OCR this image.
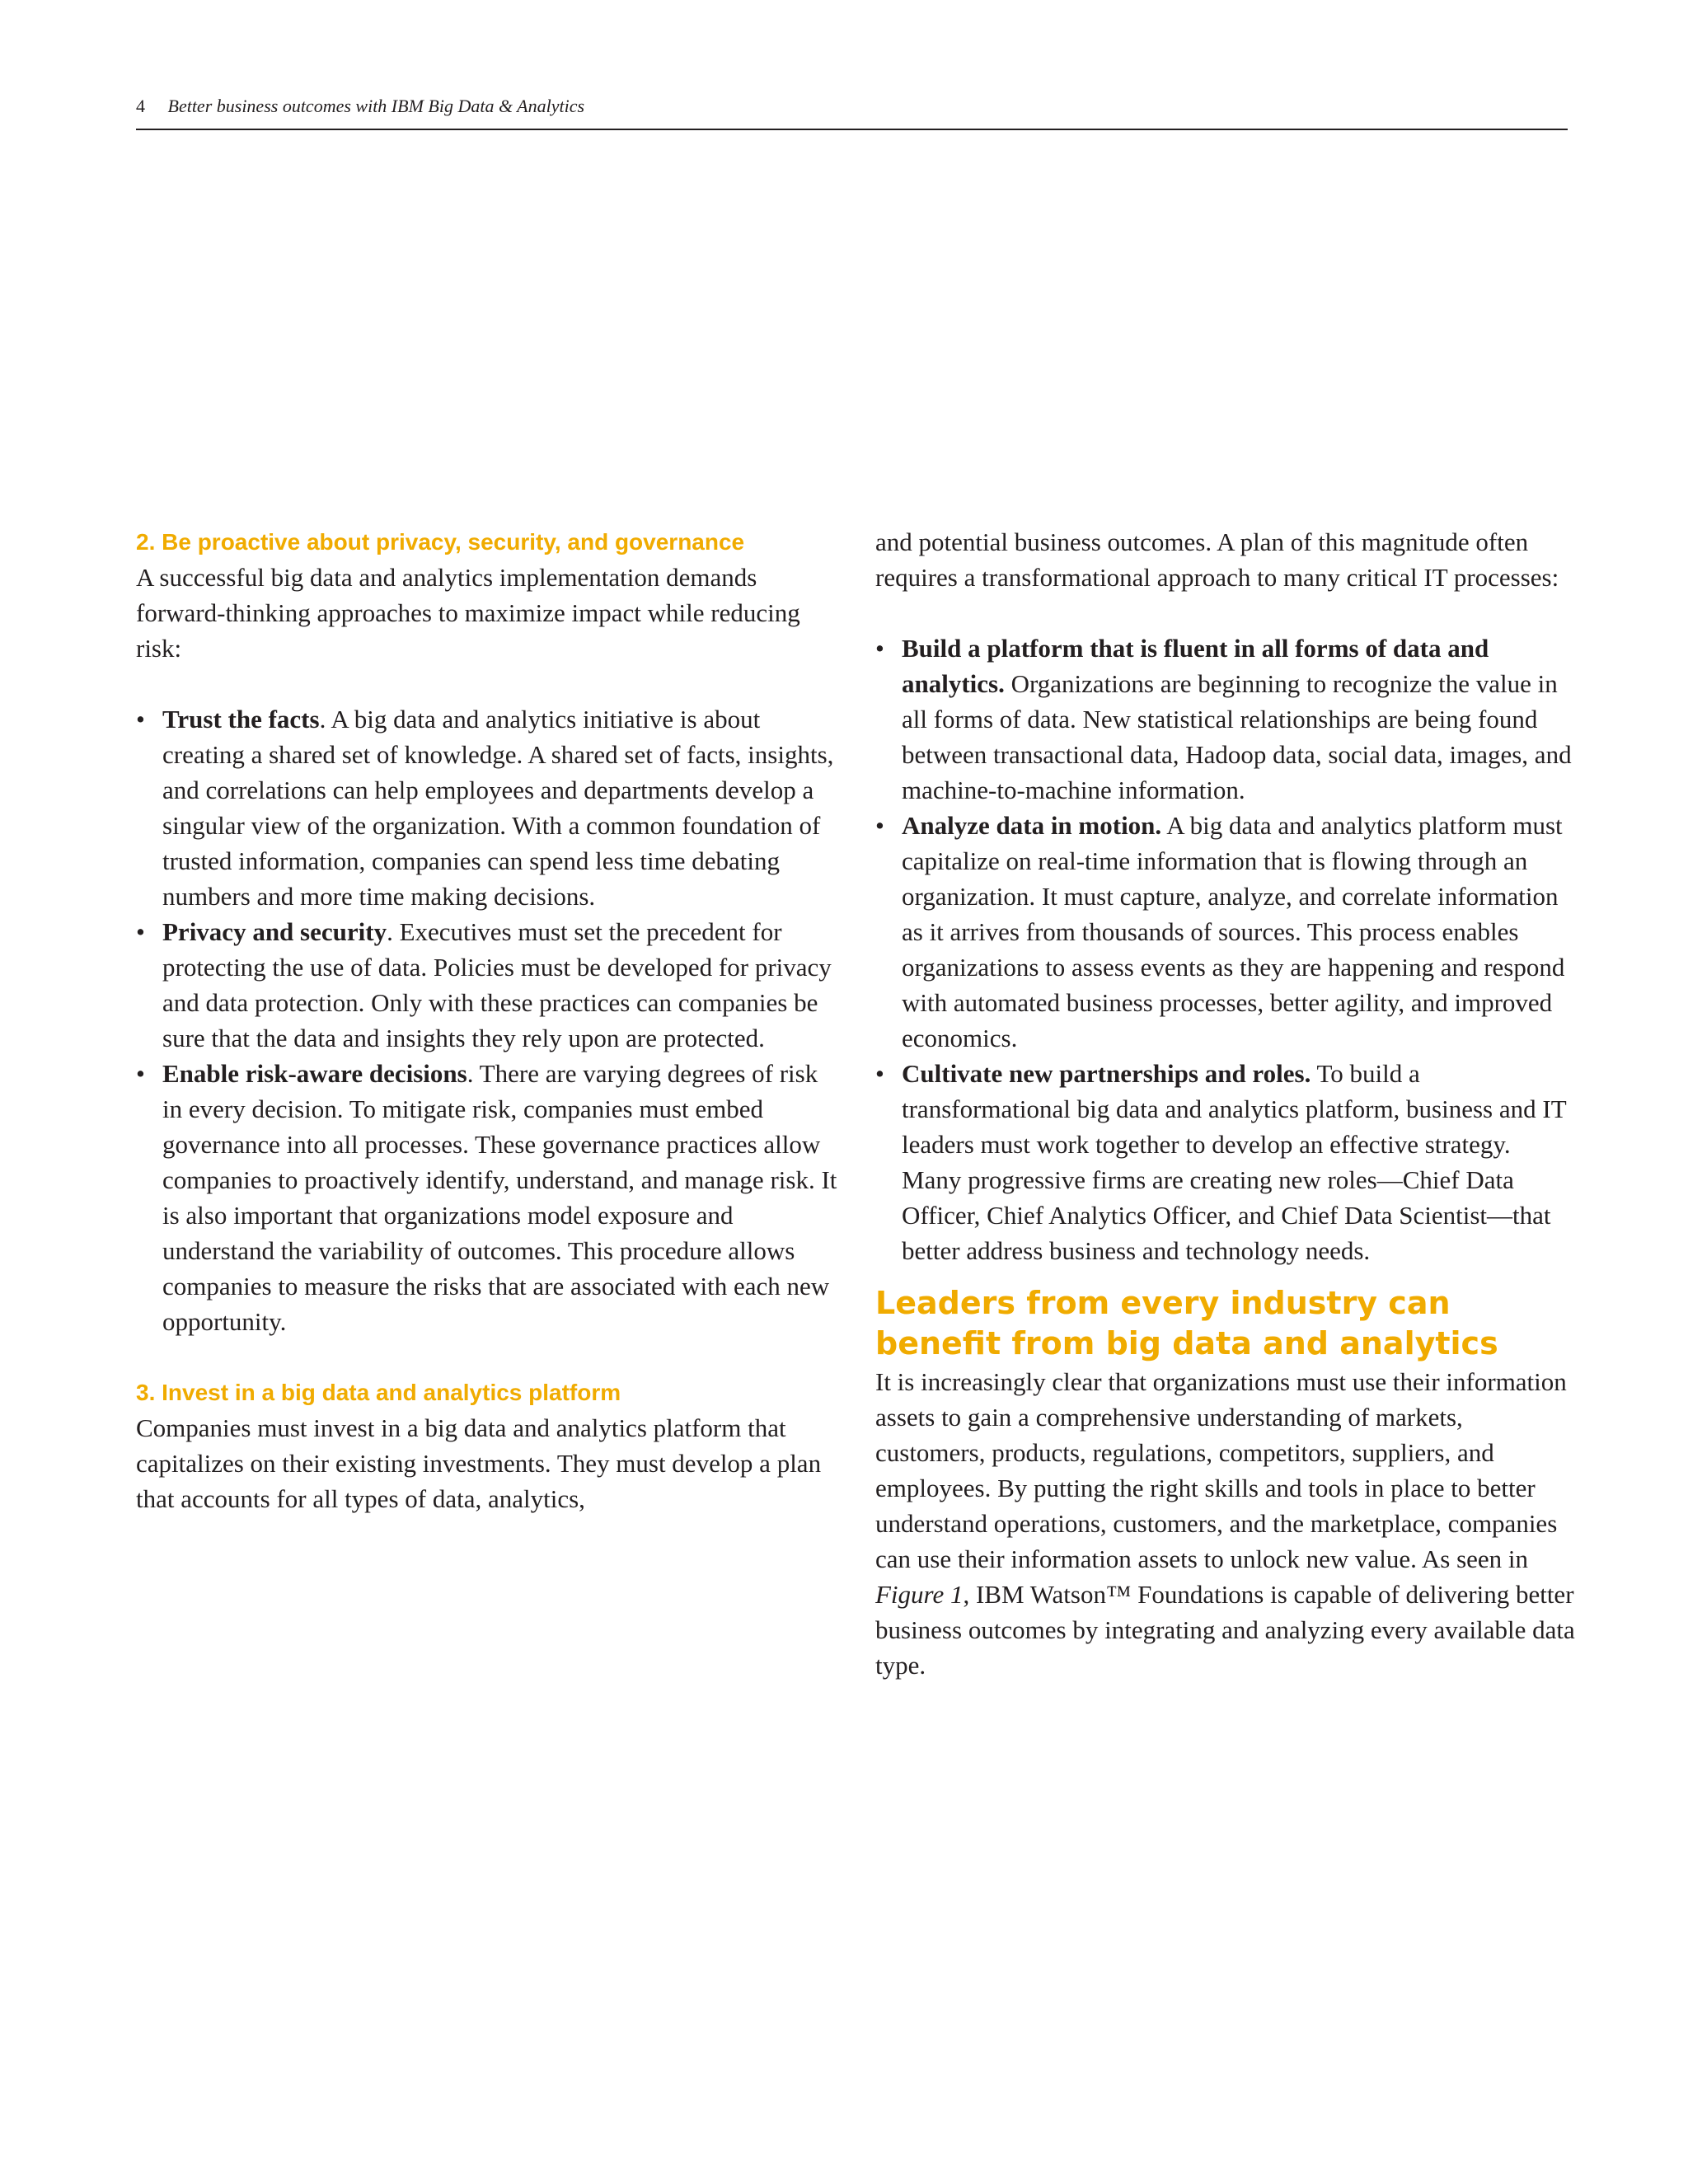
4 Better business outcomes with IBM Big Data & Analytics
2. Be proactive about privacy, security, and governance

A successful big data and analytics implementation demands forward-thinking approaches to maximize impact while reducing risk:

• Trust the facts. A big data and analytics initiative is about creating a shared set of knowledge. A shared set of facts, insights, and correlations can help employees and departments develop a singular view of the organization. With a common foundation of trusted information, companies can spend less time debating numbers and more time making decisions.
• Privacy and security. Executives must set the precedent for protecting the use of data. Policies must be developed for privacy and data protection. Only with these practices can companies be sure that the data and insights they rely upon are protected.
• Enable risk-aware decisions. There are varying degrees of risk in every decision. To mitigate risk, companies must embed governance into all processes. These governance practices allow companies to proactively identify, understand, and manage risk. It is also important that organizations model exposure and understand the variability of outcomes. This procedure allows companies to measure the risks that are associated with each new opportunity.
3. Invest in a big data and analytics platform

Companies must invest in a big data and analytics platform that capitalizes on their existing investments. They must develop a plan that accounts for all types of data, analytics,

and potential business outcomes. A plan of this magnitude often requires a transformational approach to many critical IT processes:

• Build a platform that is fluent in all forms of data and analytics. Organizations are beginning to recognize the value in all forms of data. New statistical relationships are being found between transactional data, Hadoop data, social data, images, and machine-to-machine information.
• Analyze data in motion. A big data and analytics platform must capitalize on real-time information that is flowing through an organization. It must capture, analyze, and correlate information as it arrives from thousands of sources. This process enables organizations to assess events as they are happening and respond with automated business processes, better agility, and improved economics.
• Cultivate new partnerships and roles. To build a transformational big data and analytics platform, business and IT leaders must work together to develop an effective strategy. Many progressive firms are creating new roles—Chief Data Officer, Chief Analytics Officer, and Chief Data Scientist—that better address business and technology needs.
Leaders from every industry can benefit from big data and analytics

It is increasingly clear that organizations must use their information assets to gain a comprehensive understanding of markets, customers, products, regulations, competitors, suppliers, and employees. By putting the right skills and tools in place to better understand operations, customers, and the marketplace, companies can use their information assets to unlock new value. As seen in Figure 1, IBM Watson™ Foundations is capable of delivering better business outcomes by integrating and analyzing every available data type.
